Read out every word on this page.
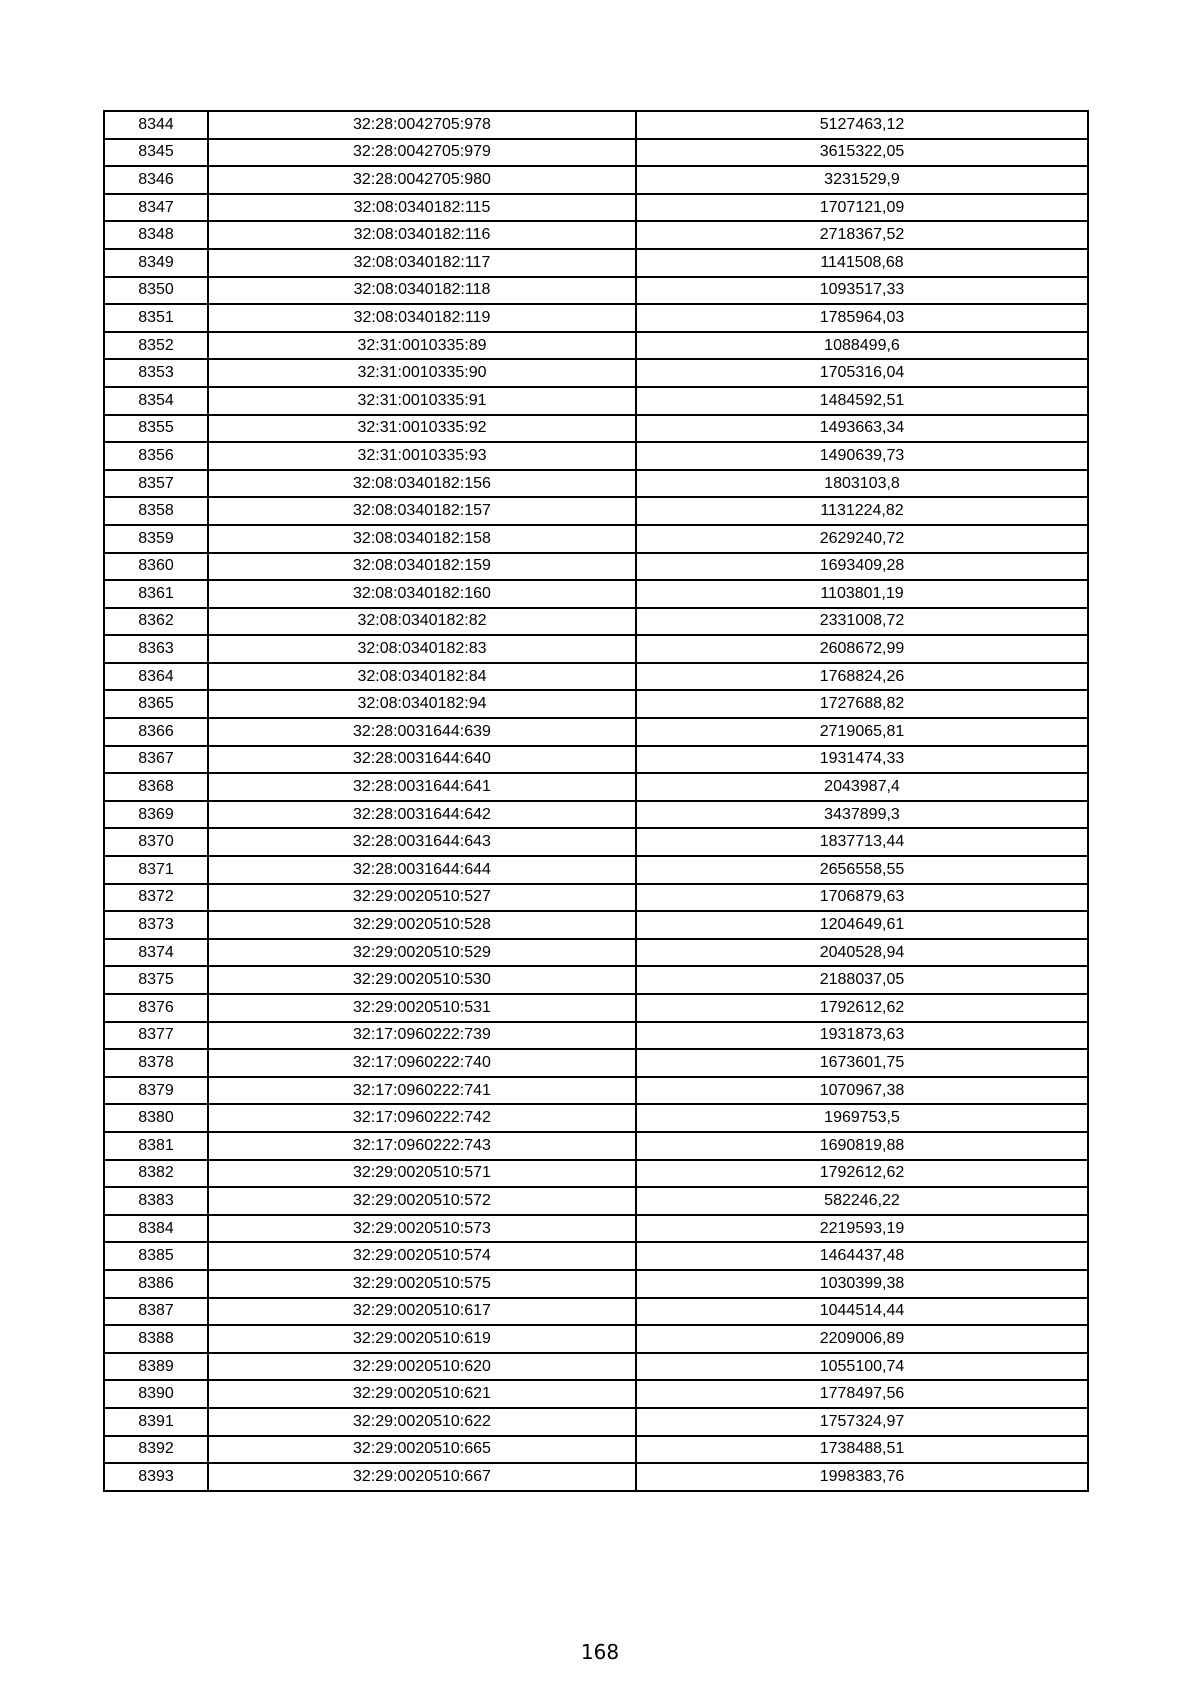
8344	32:28:0042705:978	5127463,12
8345	32:28:0042705:979	3615322,05
8346	32:28:0042705:980	3231529,9
8347	32:08:0340182:115	1707121,09
8348	32:08:0340182:116	2718367,52
8349	32:08:0340182:117	1141508,68
8350	32:08:0340182:118	1093517,33
8351	32:08:0340182:119	1785964,03
8352	32:31:0010335:89	1088499,6
8353	32:31:0010335:90	1705316,04
8354	32:31:0010335:91	1484592,51
8355	32:31:0010335:92	1493663,34
8356	32:31:0010335:93	1490639,73
8357	32:08:0340182:156	1803103,8
8358	32:08:0340182:157	1131224,82
8359	32:08:0340182:158	2629240,72
8360	32:08:0340182:159	1693409,28
8361	32:08:0340182:160	1103801,19
8362	32:08:0340182:82	2331008,72
8363	32:08:0340182:83	2608672,99
8364	32:08:0340182:84	1768824,26
8365	32:08:0340182:94	1727688,82
8366	32:28:0031644:639	2719065,81
8367	32:28:0031644:640	1931474,33
8368	32:28:0031644:641	2043987,4
8369	32:28:0031644:642	3437899,3
8370	32:28:0031644:643	1837713,44
8371	32:28:0031644:644	2656558,55
8372	32:29:0020510:527	1706879,63
8373	32:29:0020510:528	1204649,61
8374	32:29:0020510:529	2040528,94
8375	32:29:0020510:530	2188037,05
8376	32:29:0020510:531	1792612,62
8377	32:17:0960222:739	1931873,63
8378	32:17:0960222:740	1673601,75
8379	32:17:0960222:741	1070967,38
8380	32:17:0960222:742	1969753,5
8381	32:17:0960222:743	1690819,88
8382	32:29:0020510:571	1792612,62
8383	32:29:0020510:572	582246,22
8384	32:29:0020510:573	2219593,19
8385	32:29:0020510:574	1464437,48
8386	32:29:0020510:575	1030399,38
8387	32:29:0020510:617	1044514,44
8388	32:29:0020510:619	2209006,89
8389	32:29:0020510:620	1055100,74
8390	32:29:0020510:621	1778497,56
8391	32:29:0020510:622	1757324,97
8392	32:29:0020510:665	1738488,51
8393	32:29:0020510:667	1998383,76
168
